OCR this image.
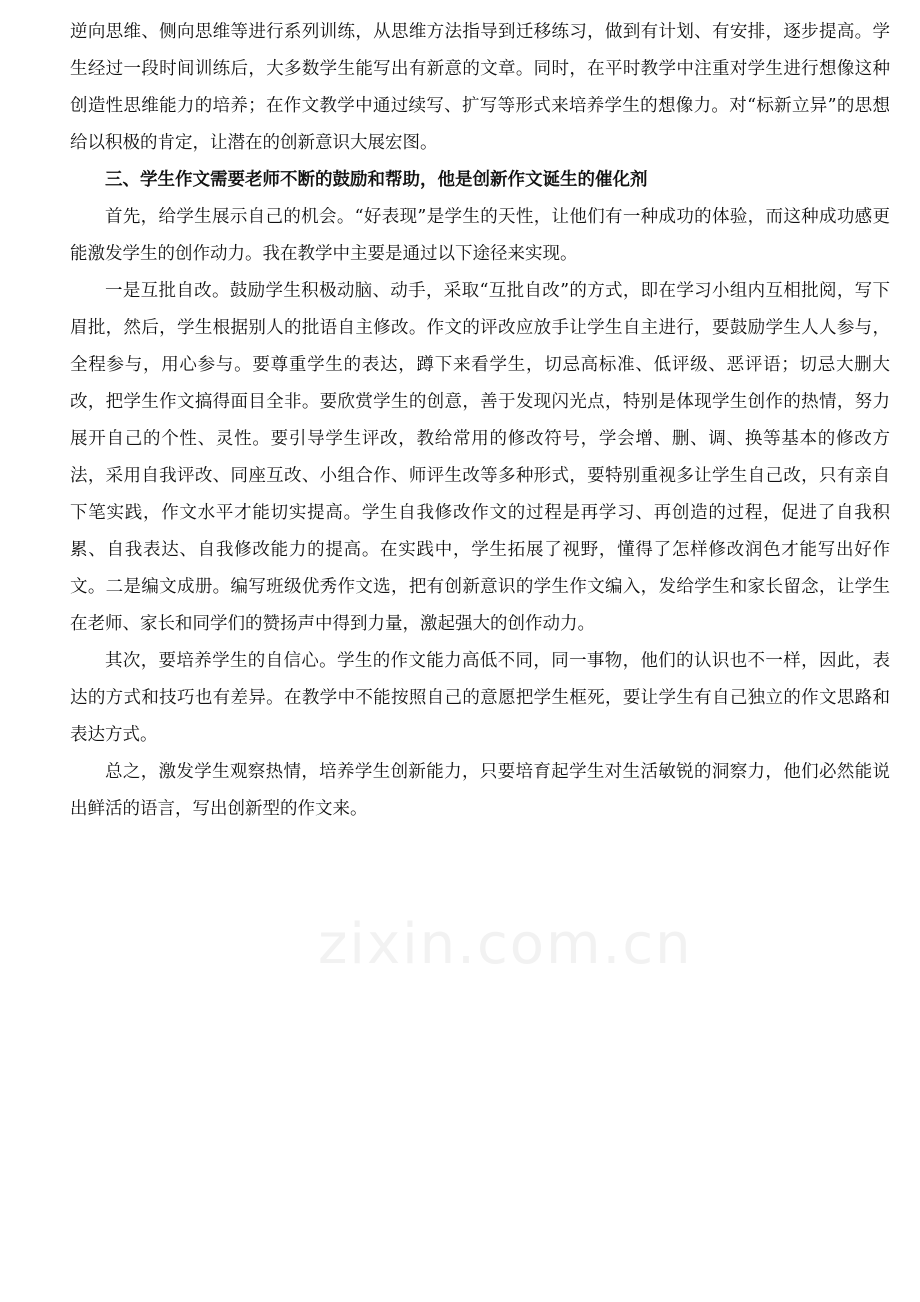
逆向思维、侧向思维等进行系列训练，从思维方法指导到迁移练习，做到有计划、有安排，逐步提高。学生经过一段时间训练后，大多数学生能写出有新意的文章。同时，在平时教学中注重对学生进行想像这种创造性思维能力的培养；在作文教学中通过续写、扩写等形式来培养学生的想像力。对“标新立异”的思想给以积极的肯定，让潜在的创新意识大展宏图。

三、学生作文需要老师不断的鼓励和帮助，他是创新作文诞生的催化剂

首先，给学生展示自己的机会。“好表现”是学生的天性，让他们有一种成功的体验，而这种成功感更能激发学生的创作动力。我在教学中主要是通过以下途径来实现。

一是互批自改。鼓励学生积极动脑、动手，采取“互批自改”的方式，即在学习小组内互相批阅，写下眉批，然后，学生根据别人的批语自主修改。作文的评改应放手让学生自主进行，要鼓励学生人人参与，全程参与，用心参与。要尊重学生的表达，蹲下来看学生，切忌高标准、低评级、恶评语；切忌大删大改，把学生作文搞得面目全非。要欣赏学生的创意，善于发现闪光点，特别是体现学生创作的热情，努力展开自己的个性、灵性。要引导学生评改，教给常用的修改符号，学会增、删、调、换等基本的修改方法，采用自我评改、同座互改、小组合作、师评生改等多种形式，要特别重视多让学生自己改，只有亲自下笔实践，作文水平才能切实提高。学生自我修改作文的过程是再学习、再创造的过程，促进了自我积累、自我表达、自我修改能力的提高。在实践中，学生拓展了视野，懂得了怎样修改润色才能写出好作文。二是编文成册。编写班级优秀作文选，把有创新意识的学生作文编入，发给学生和家长留念，让学生在老师、家长和同学们的赞扬声中得到力量，激起强大的创作动力。

其次，要培养学生的自信心。学生的作文能力高低不同，同一事物，他们的认识也不一样，因此，表达的方式和技巧也有差异。在教学中不能按照自己的意愿把学生框死，要让学生有自己独立的作文思路和表达方式。

总之，激发学生观察热情，培养学生创新能力，只要培育起学生对生活敏锐的洞察力，他们必然能说出鲜活的语言，写出创新型的作文来。

zixin.com.cn
